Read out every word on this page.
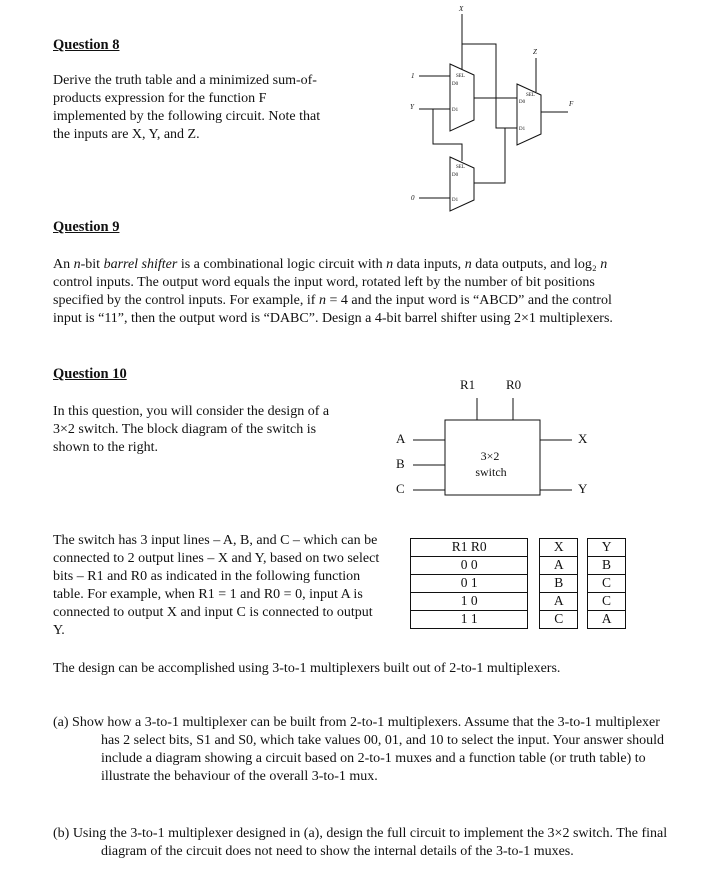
Question 8
Derive the truth table and a minimized sum-of-products expression for the function F implemented by the following circuit. Note that the inputs are X, Y, and Z.
SEL
D0
D1
SEL
D0
D1
SEL
D0
D1
X
Z
1
Y
0
F
Question 9
An n-bit barrel shifter is a combinational logic circuit with n data inputs, n data outputs, and log₂ n control inputs. The output word equals the input word, rotated left by the number of bit positions specified by the control inputs. For example, if n = 4 and the input word is “ABCD” and the control input is “11”, then the output word is “DABC”. Design a 4-bit barrel shifter using 2×1 multiplexers.
Question 10
In this question, you will consider the design of a 3×2 switch. The block diagram of the switch is shown to the right.
R1 R0
A
B
C
X
Y
3×2
switch
The switch has 3 input lines – A, B, and C – which can be connected to 2 output lines – X and Y, based on two select bits – R1 and R0 as indicated in the following function table. For example, when R1 = 1 and R0 = 0, input A is connected to output X and input C is connected to output Y.
R1 R0		X		Y
0 0		A		B
0 1		B		C
1 0		A		C
1 1		C		A
The design can be accomplished using 3-to-1 multiplexers built out of 2-to-1 multiplexers.
(a) Show how a 3-to-1 multiplexer can be built from 2-to-1 multiplexers. Assume that the 3-to-1 multiplexer has 2 select bits, S1 and S0, which take values 00, 01, and 10 to select the input. Your answer should include a diagram showing a circuit based on 2-to-1 muxes and a function table (or truth table) to illustrate the behaviour of the overall 3-to-1 mux.
(b) Using the 3-to-1 multiplexer designed in (a), design the full circuit to implement the 3×2 switch. The final diagram of the circuit does not need to show the internal details of the 3-to-1 muxes.
